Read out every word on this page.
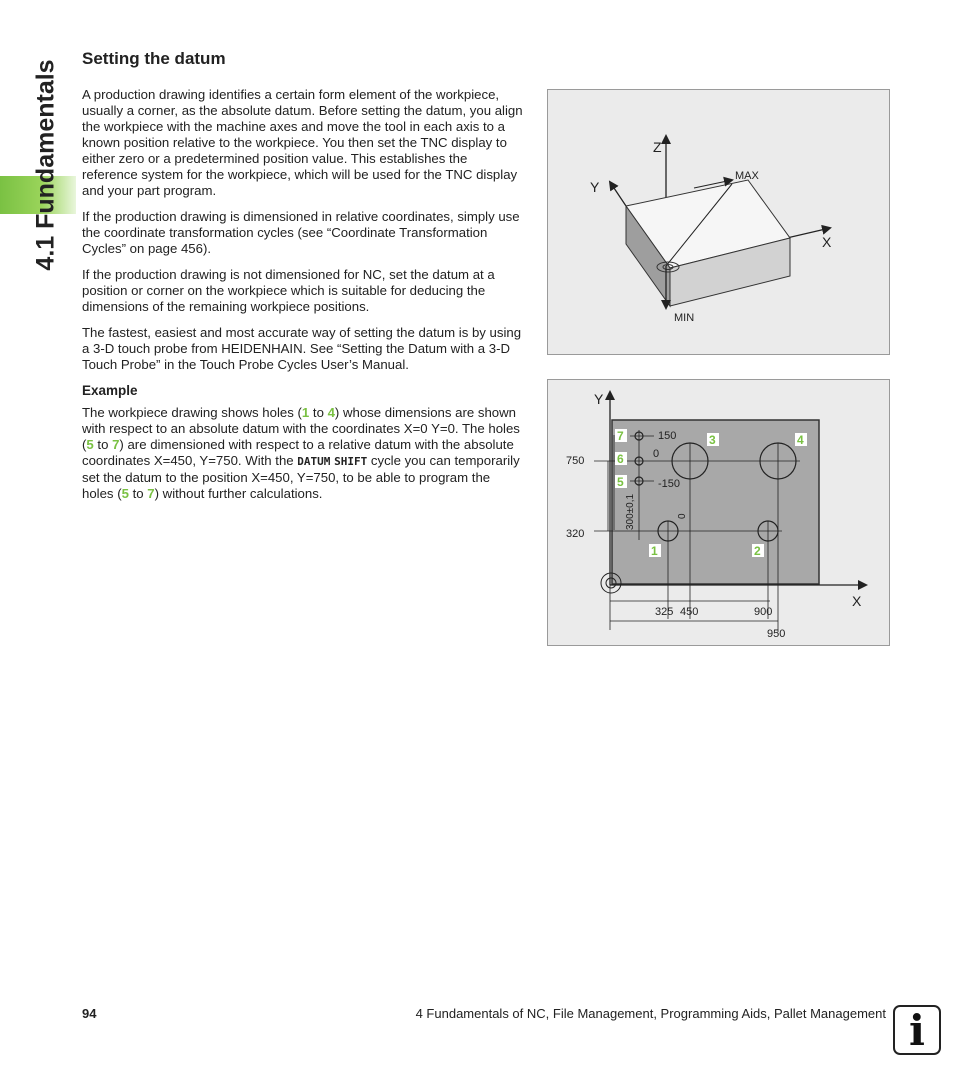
4.1 Fundamentals
Setting the datum

A production drawing identifies a certain form element of the workpiece, usually a corner, as the absolute datum. Before setting the datum, you align the workpiece with the machine axes and move the tool in each axis to a known position relative to the workpiece. You then set the TNC display to either zero or a predetermined position value. This establishes the reference system for the workpiece, which will be used for the TNC display and your part program.

If the production drawing is dimensioned in relative coordinates, simply use the coordinate transformation cycles (see “Coordinate Transformation Cycles” on page 456).

If the production drawing is not dimensioned for NC, set the datum at a position or corner on the workpiece which is suitable for deducing the dimensions of the remaining workpiece positions.

The fastest, easiest and most accurate way of setting the datum is by using a 3-D touch probe from HEIDENHAIN. See “Setting the Datum with a 3-D Touch Probe” in the Touch Probe Cycles User’s Manual.

Example

The workpiece drawing shows holes (1 to 4) whose dimensions are shown with respect to an absolute datum with the coordinates X=0 Y=0. The holes (5 to 7) are dimensioned with respect to a relative datum with the absolute coordinates X=450, Y=750. With the DATUM SHIFT cycle you can temporarily set the datum to the position X=450, Y=750, to be able to program the holes (5 to 7) without further calculations.

Z
Y
X
MAX
MIN
Y
X
750
320
150
0
-150
300±0,1	0
325 450	900
950
1	2
3	4
5
6
7
94	4 Fundamentals of NC, File Management, Programming Aids, Pallet Management i
